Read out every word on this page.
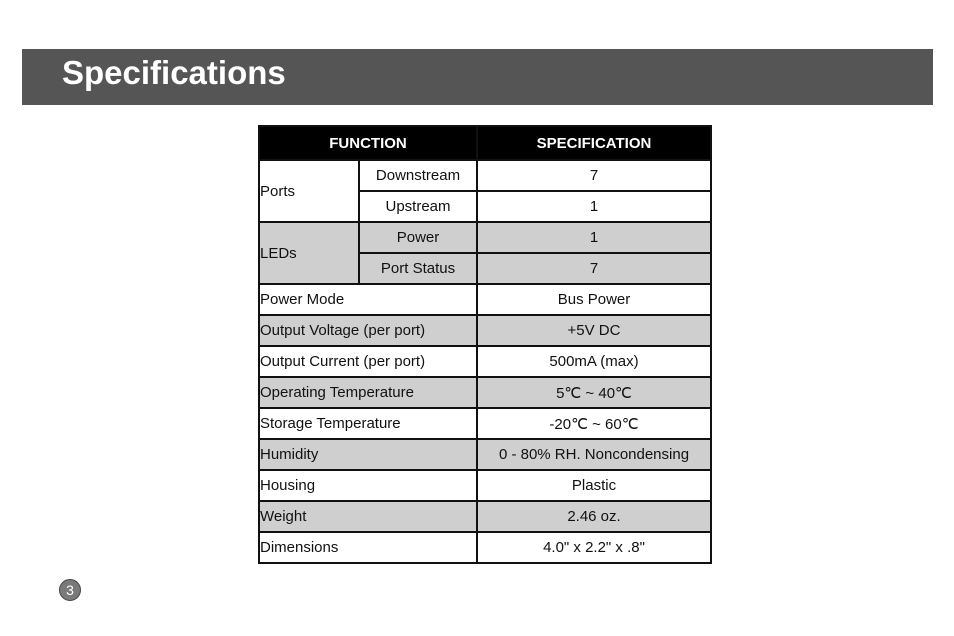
Specifications
FUNCTION		SPECIFICATION
Ports	Downstream	7
	Upstream	1
LEDs	Power	1
	Port Status	7
Power Mode		Bus Power
Output Voltage (per port)		+5V DC
Output Current (per port)		500mA (max)
Operating Temperature		5℃ ~ 40℃
Storage Temperature		-20℃ ~ 60℃
Humidity		0 - 80% RH. Noncondensing
Housing		Plastic
Weight		2.46 oz.
Dimensions		4.0" x 2.2" x .8"
3
